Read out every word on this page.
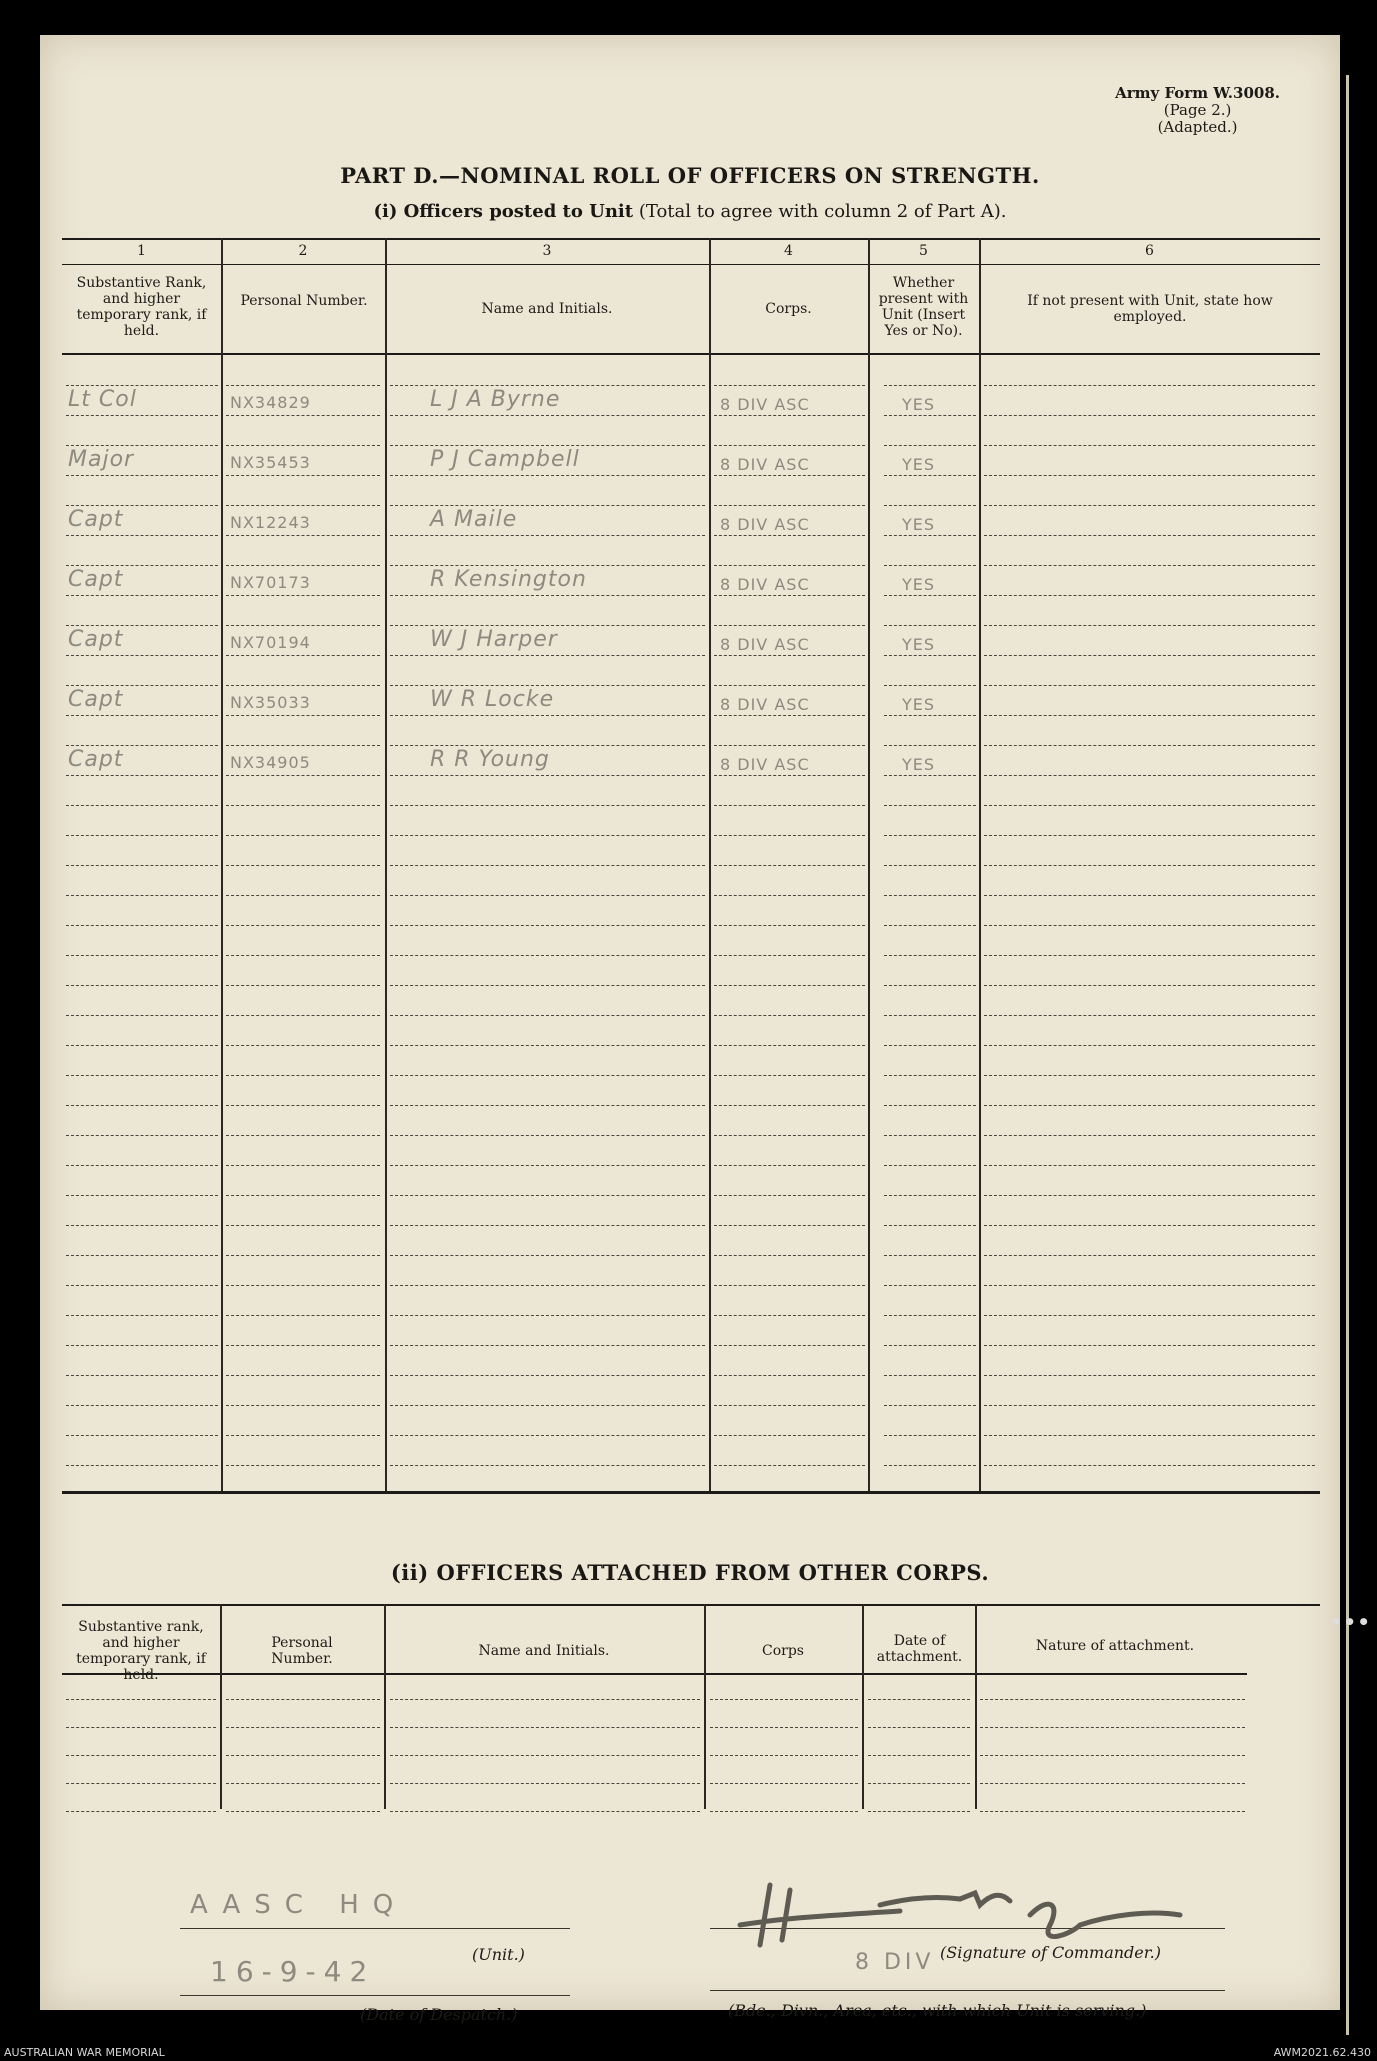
Army Form W.3008.
(Page 2.)
(Adapted.)
PART D.—NOMINAL ROLL OF OFFICERS ON STRENGTH.
(i) Officers posted to Unit (Total to agree with column 2 of Part A).
1	2	3	4	5	6
Substantive Rank, and higher temporary rank, if held.
Personal Number.	Name and Initials.	Corps.
Whether present with Unit (Insert Yes or No).
If not present with Unit, state how employed.
Lt Col	NX34829	L J A Byrne	8 DIV ASC	YES
Major	NX35453	P J Campbell	8 DIV ASC	YES
Capt	NX12243	A Maile	8 DIV ASC	YES
Capt	NX70173	R Kensington	8 DIV ASC	YES
Capt	NX70194	W J Harper	8 DIV ASC	YES
Capt	NX35033	W R Locke	8 DIV ASC	YES
Capt	NX34905	R R Young	8 DIV ASC	YES
(ii) OFFICERS ATTACHED FROM OTHER CORPS.
Substantive rank, and higher temporary rank, if held.
Personal Number.	Name and Initials.	Corps
Date of attachment.
Nature of attachment.
AASC HQ
(Unit.)
16-9-42
(Date of Despatch.)
(Signature of Commander.)
8 DIV
(Bde., Divn., Area, etc., with which Unit is serving.)
•••
AUSTRALIAN WAR MEMORIAL	AWM2021.62.430
